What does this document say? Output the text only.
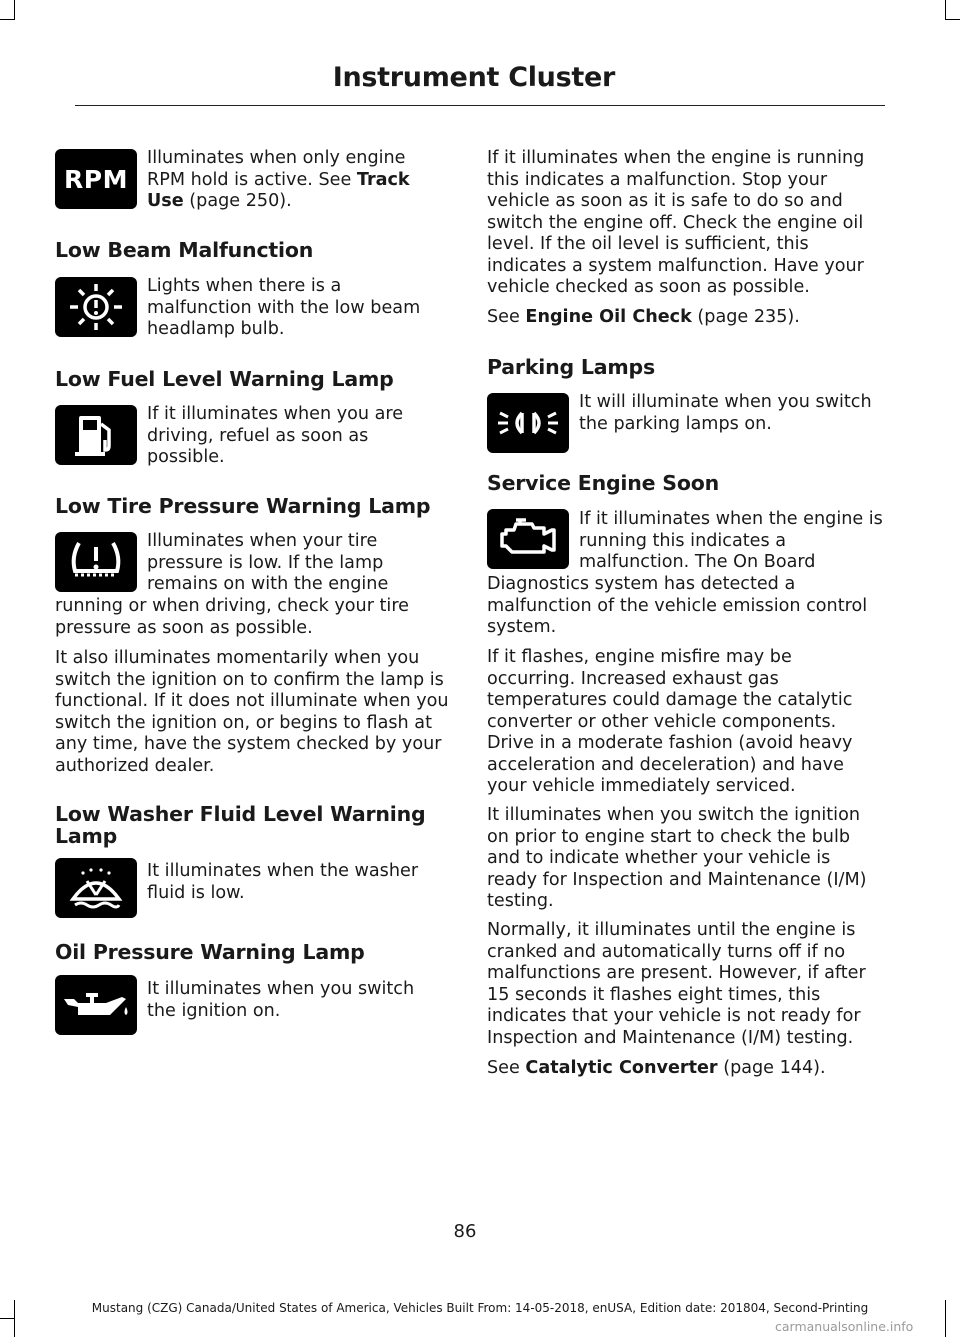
Instrument Cluster
RPM

Illuminates when only engine RPM hold is active. See Track Use (page 250).

Low Beam Malfunction

Lights when there is a malfunction with the low beam headlamp bulb.

Low Fuel Level Warning Lamp

If it illuminates when you are driving, refuel as soon as possible.

Low Tire Pressure Warning Lamp

Illuminates when your tire pressure is low. If the lamp remains on with the engine

running or when driving, check your tire pressure as soon as possible.

It also illuminates momentarily when you switch the ignition on to confirm the lamp is functional. If it does not illuminate when you switch the ignition on, or begins to flash at any time, have the system checked by your authorized dealer.

Low Washer Fluid Level Warning Lamp

It illuminates when the washer fluid is low.

Oil Pressure Warning Lamp

It illuminates when you switch the ignition on.

If it illuminates when the engine is running this indicates a malfunction. Stop your vehicle as soon as it is safe to do so and switch the engine off. Check the engine oil level. If the oil level is sufficient, this indicates a system malfunction. Have your vehicle checked as soon as possible.

See Engine Oil Check (page 235).

Parking Lamps

It will illuminate when you switch the parking lamps on.

Service Engine Soon

If it illuminates when the engine is running this indicates a malfunction. The On Board

Diagnostics system has detected a malfunction of the vehicle emission control system.

If it flashes, engine misfire may be occurring. Increased exhaust gas temperatures could damage the catalytic converter or other vehicle components. Drive in a moderate fashion (avoid heavy acceleration and deceleration) and have your vehicle immediately serviced.

It illuminates when you switch the ignition on prior to engine start to check the bulb and to indicate whether your vehicle is ready for Inspection and Maintenance (I/M) testing.

Normally, it illuminates until the engine is cranked and automatically turns off if no malfunctions are present. However, if after 15 seconds it flashes eight times, this indicates that your vehicle is not ready for Inspection and Maintenance (I/M) testing.

See Catalytic Converter (page 144).

86
Mustang (CZG) Canada/United States of America, Vehicles Built From: 14-05-2018, enUSA, Edition date: 201804, Second-Printing
carmanualsonline.info
